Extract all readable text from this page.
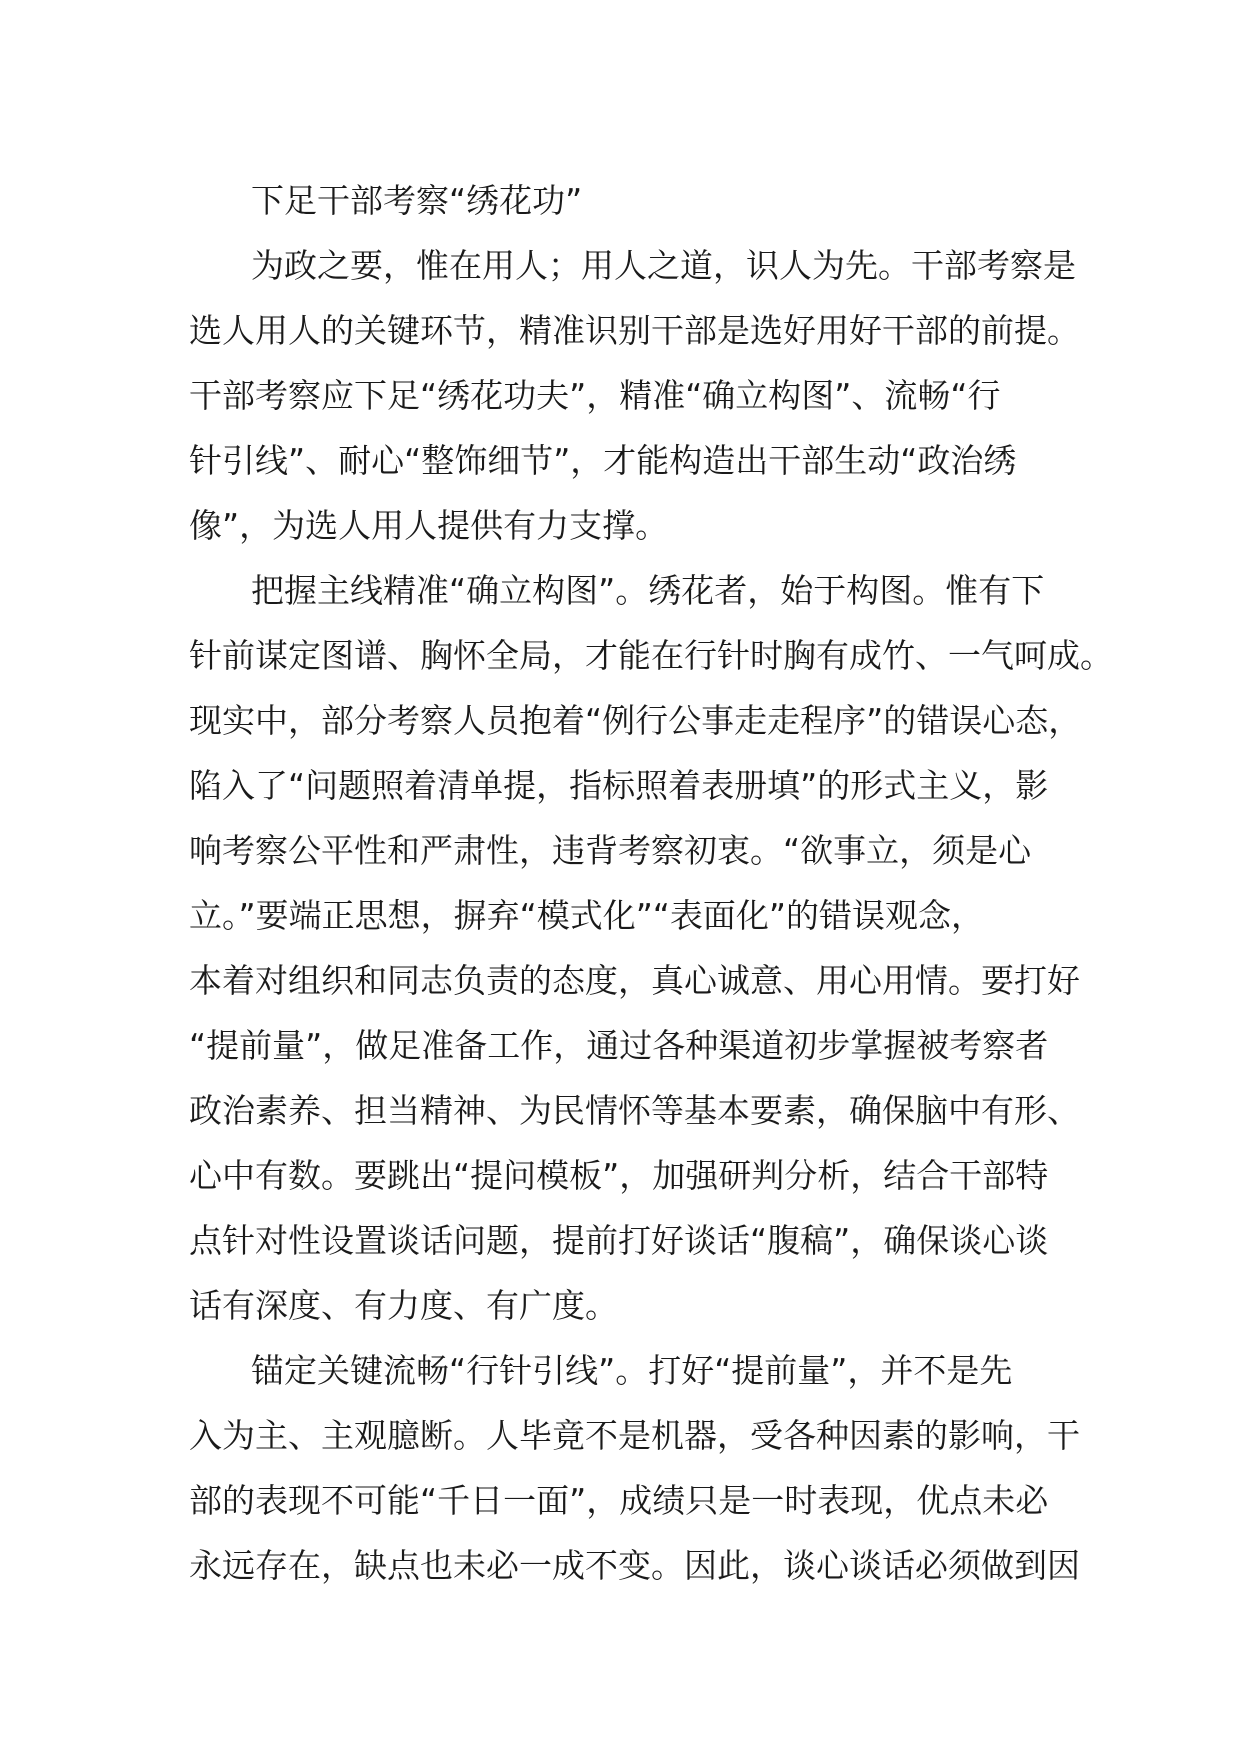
下足干部考察“绣花功”
为政之要，惟在用人；用人之道，识人为先。干部考察是
选人用人的关键环节，精准识别干部是选好用好干部的前提。
干部考察应下足“绣花功夫”，精准“确立构图”、流畅“行
针引线”、耐心“整饰细节”，才能构造出干部生动“政治绣
像”，为选人用人提供有力支撑。
把握主线精准“确立构图”。绣花者，始于构图。惟有下
针前谋定图谱、胸怀全局，才能在行针时胸有成竹、一气呵成。
现实中，部分考察人员抱着“例行公事走走程序”的错误心态，
陷入了“问题照着清单提，指标照着表册填”的形式主义，影
响考察公平性和严肃性，违背考察初衷。“欲事立，须是心
立。”要端正思想，摒弃“模式化”“表面化”的错误观念，
本着对组织和同志负责的态度，真心诚意、用心用情。要打好
“提前量”，做足准备工作，通过各种渠道初步掌握被考察者
政治素养、担当精神、为民情怀等基本要素，确保脑中有形、
心中有数。要跳出“提问模板”，加强研判分析，结合干部特
点针对性设置谈话问题，提前打好谈话“腹稿”，确保谈心谈
话有深度、有力度、有广度。
锚定关键流畅“行针引线”。打好“提前量”，并不是先
入为主、主观臆断。人毕竟不是机器，受各种因素的影响，干
部的表现不可能“千日一面”，成绩只是一时表现，优点未必
永远存在，缺点也未必一成不变。因此，谈心谈话必须做到因
